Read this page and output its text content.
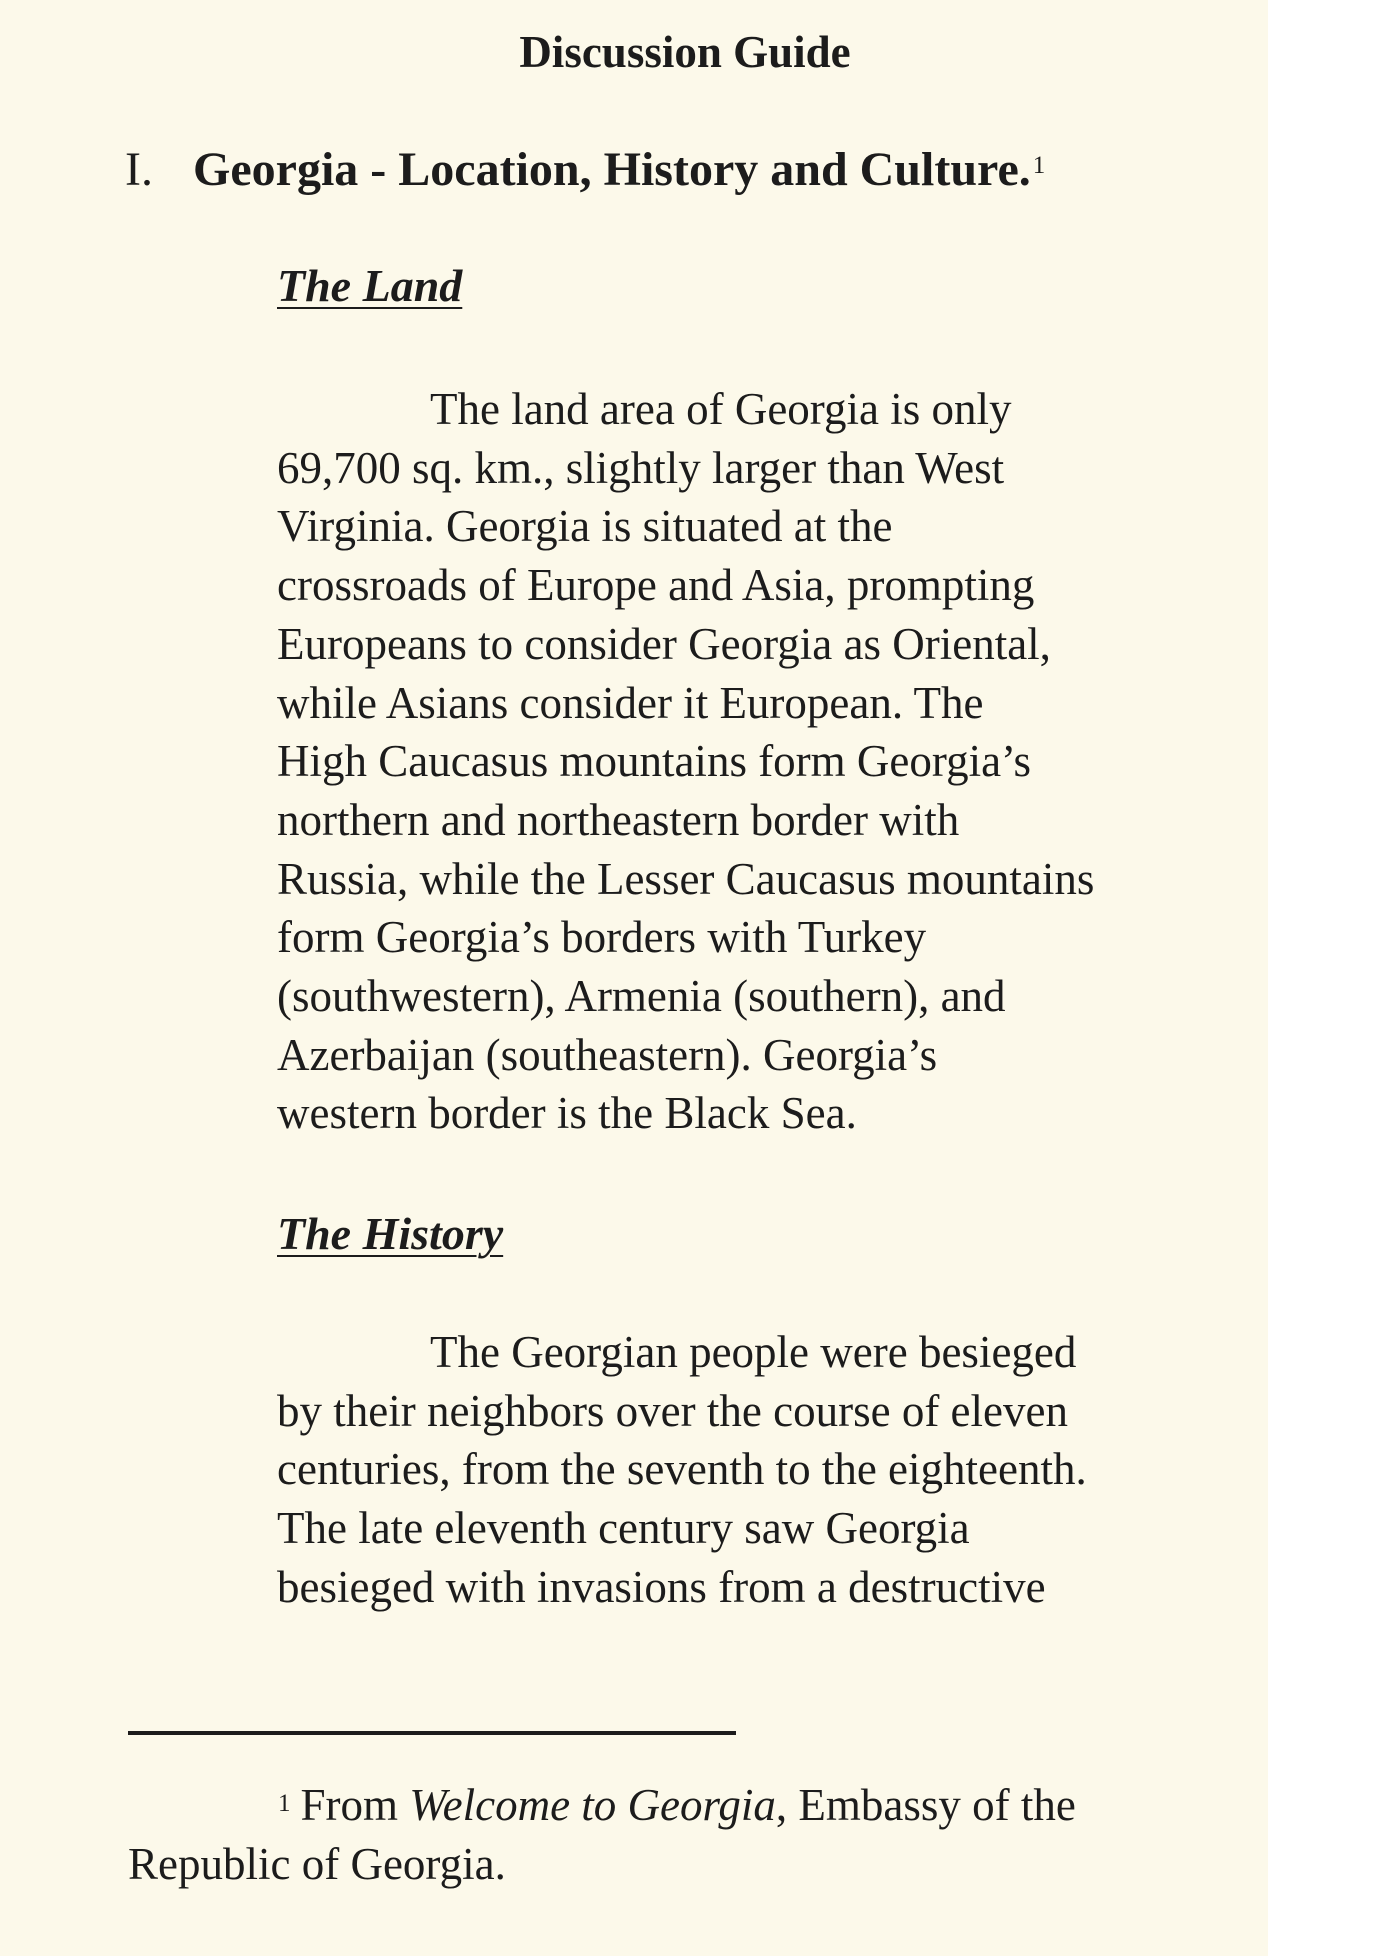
Discussion Guide
I. Georgia - Location, History and Culture.$^1$
The Land

The land area of Georgia is only
69,700 sq. km., slightly larger than West
Virginia. Georgia is situated at the
crossroads of Europe and Asia, prompting
Europeans to consider Georgia as Oriental,
while Asians consider it European. The
High Caucasus mountains form Georgia’s
northern and northeastern border with
Russia, while the Lesser Caucasus mountains
form Georgia’s borders with Turkey
(southwestern), Armenia (southern), and
Azerbaijan (southeastern). Georgia’s
western border is the Black Sea.

The History

The Georgian people were besieged
by their neighbors over the course of eleven
centuries, from the seventh to the eighteenth.
The late eleventh century saw Georgia
besieged with invasions from a destructive

$^1$ From Welcome to Georgia, Embassy of the
Republic of Georgia.
